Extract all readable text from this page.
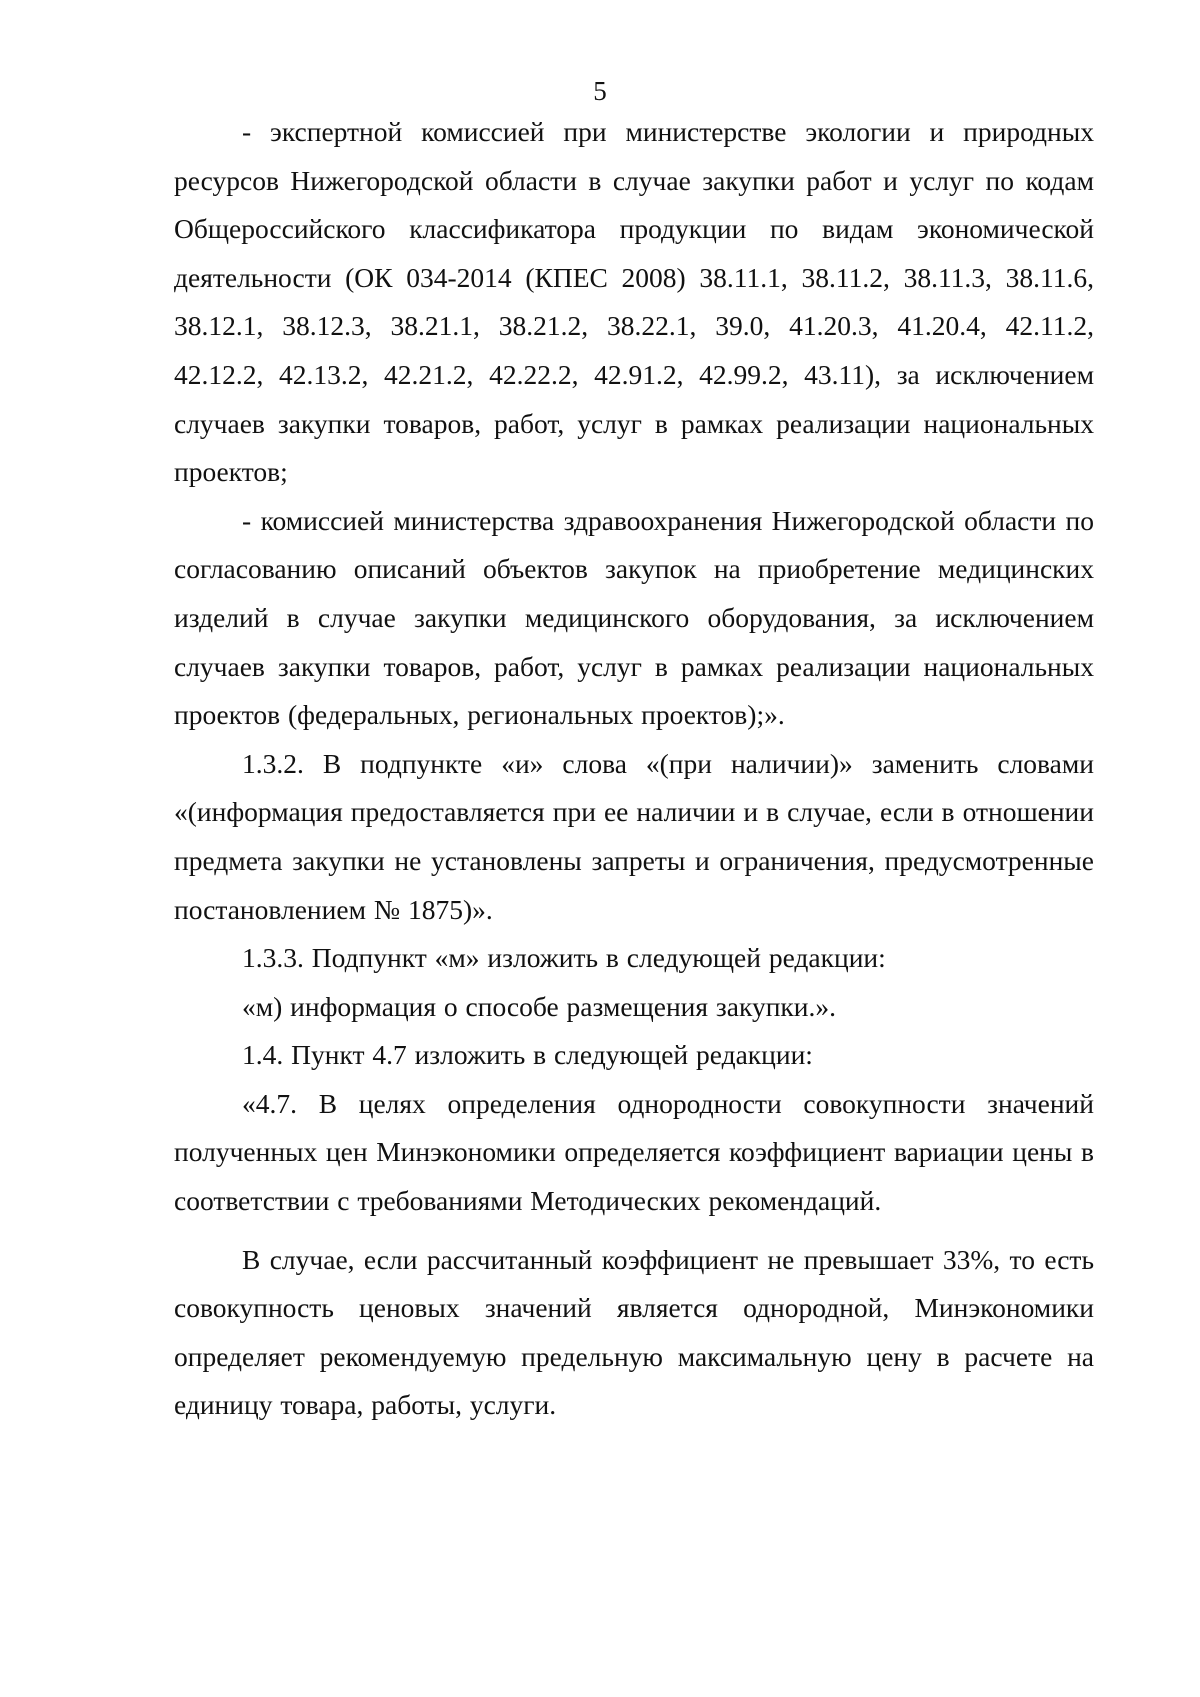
5

- экспертной комиссией при министерстве экологии и природных ресурсов Нижегородской области в случае закупки работ и услуг по кодам Общероссийского классификатора продукции по видам экономической деятельности (ОК 034-2014 (КПЕС 2008) 38.11.1, 38.11.2, 38.11.3, 38.11.6, 38.12.1, 38.12.3, 38.21.1, 38.21.2, 38.22.1, 39.0, 41.20.3, 41.20.4, 42.11.2, 42.12.2, 42.13.2, 42.21.2, 42.22.2, 42.91.2, 42.99.2, 43.11), за исключением случаев закупки товаров, работ, услуг в рамках реализации национальных проектов;

- комиссией министерства здравоохранения Нижегородской области по согласованию описаний объектов закупок на приобретение медицинских изделий в случае закупки медицинского оборудования, за исключением случаев закупки товаров, работ, услуг в рамках реализации национальных проектов (федеральных, региональных проектов);».

1.3.2. В подпункте «и» слова «(при наличии)» заменить словами «(информация предоставляется при ее наличии и в случае, если в отношении предмета закупки не установлены запреты и ограничения, предусмотренные постановлением № 1875)».

1.3.3. Подпункт «м» изложить в следующей редакции:

«м) информация о способе размещения закупки.».

1.4. Пункт 4.7 изложить в следующей редакции:

«4.7. В целях определения однородности совокупности значений полученных цен Минэкономики определяется коэффициент вариации цены в соответствии с требованиями Методических рекомендаций.

В случае, если рассчитанный коэффициент не превышает 33%, то есть совокупность ценовых значений является однородной, Минэкономики определяет рекомендуемую предельную максимальную цену в расчете на единицу товара, работы, услуги.
